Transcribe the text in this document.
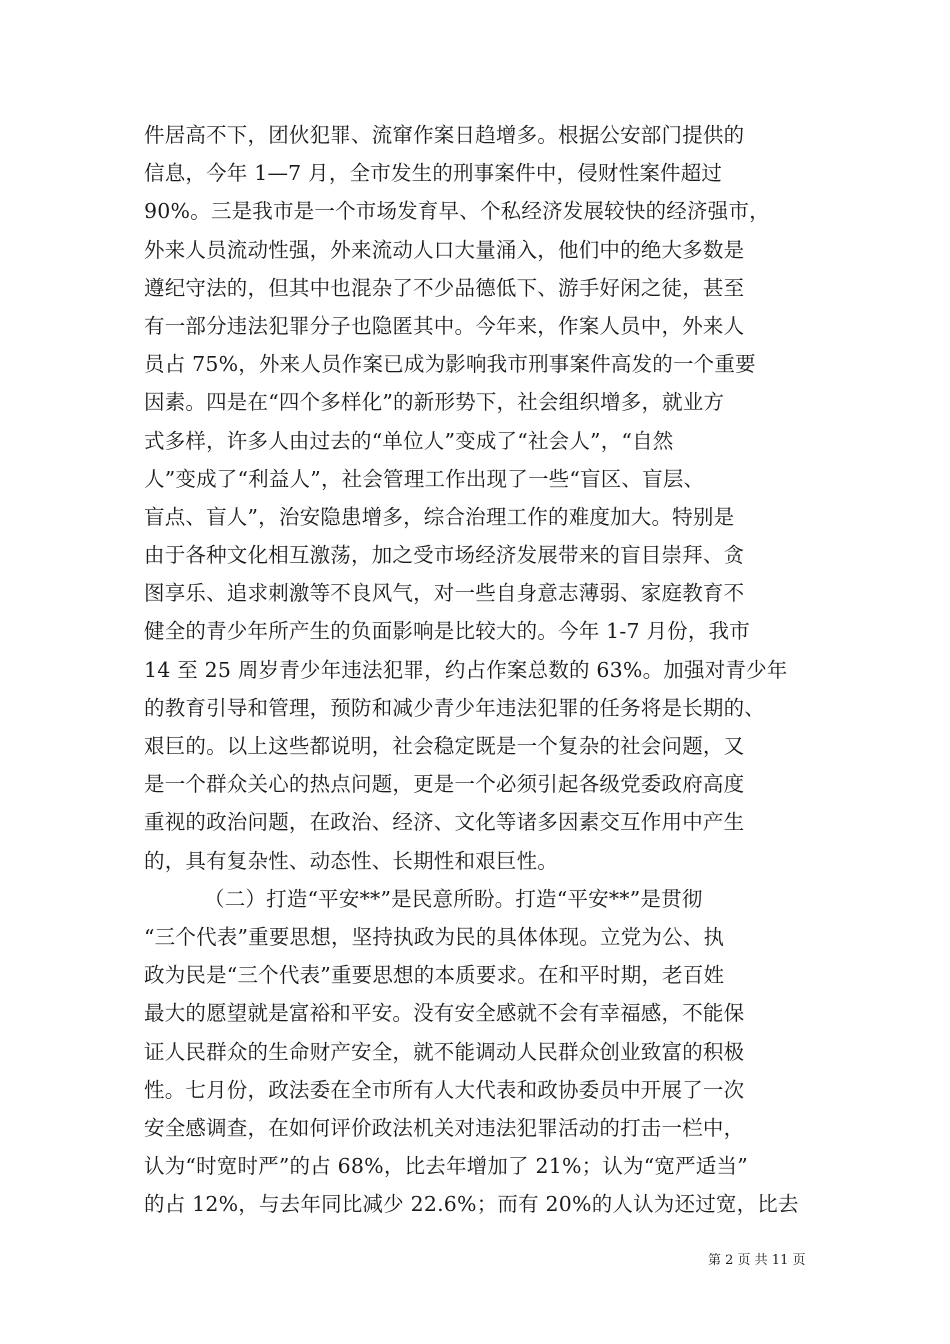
件居高不下，团伙犯罪、流窜作案日趋增多。根据公安部门提供的
信息，今年 1—7 月，全市发生的刑事案件中，侵财性案件超过
90%。三是我市是一个市场发育早、个私经济发展较快的经济强市，
外来人员流动性强，外来流动人口大量涌入，他们中的绝大多数是
遵纪守法的，但其中也混杂了不少品德低下、游手好闲之徒，甚至
有一部分违法犯罪分子也隐匿其中。今年来，作案人员中，外来人
员占 75%，外来人员作案已成为影响我市刑事案件高发的一个重要
因素。四是在“四个多样化”的新形势下，社会组织增多，就业方
式多样，许多人由过去的“单位人”变成了“社会人”，“自然
人”变成了“利益人”，社会管理工作出现了一些“盲区、盲层、
盲点、盲人”，治安隐患增多，综合治理工作的难度加大。特别是
由于各种文化相互激荡，加之受市场经济发展带来的盲目崇拜、贪
图享乐、追求刺激等不良风气，对一些自身意志薄弱、家庭教育不
健全的青少年所产生的负面影响是比较大的。今年 1-7 月份，我市
14 至 25 周岁青少年违法犯罪，约占作案总数的 63%。加强对青少年
的教育引导和管理，预防和减少青少年违法犯罪的任务将是长期的、
艰巨的。以上这些都说明，社会稳定既是一个复杂的社会问题，又
是一个群众关心的热点问题，更是一个必须引起各级党委政府高度
重视的政治问题，在政治、经济、文化等诸多因素交互作用中产生
的，具有复杂性、动态性、长期性和艰巨性。
（二）打造“平安**”是民意所盼。打造“平安**”是贯彻
“三个代表”重要思想，坚持执政为民的具体体现。立党为公、执
政为民是“三个代表”重要思想的本质要求。在和平时期，老百姓
最大的愿望就是富裕和平安。没有安全感就不会有幸福感，不能保
证人民群众的生命财产安全，就不能调动人民群众创业致富的积极
性。七月份，政法委在全市所有人大代表和政协委员中开展了一次
安全感调查，在如何评价政法机关对违法犯罪活动的打击一栏中，
认为“时宽时严”的占 68%，比去年增加了 21%；认为“宽严适当”
的占 12%，与去年同比减少 22.6%；而有 20%的人认为还过宽，比去
第 2 页 共 11 页
